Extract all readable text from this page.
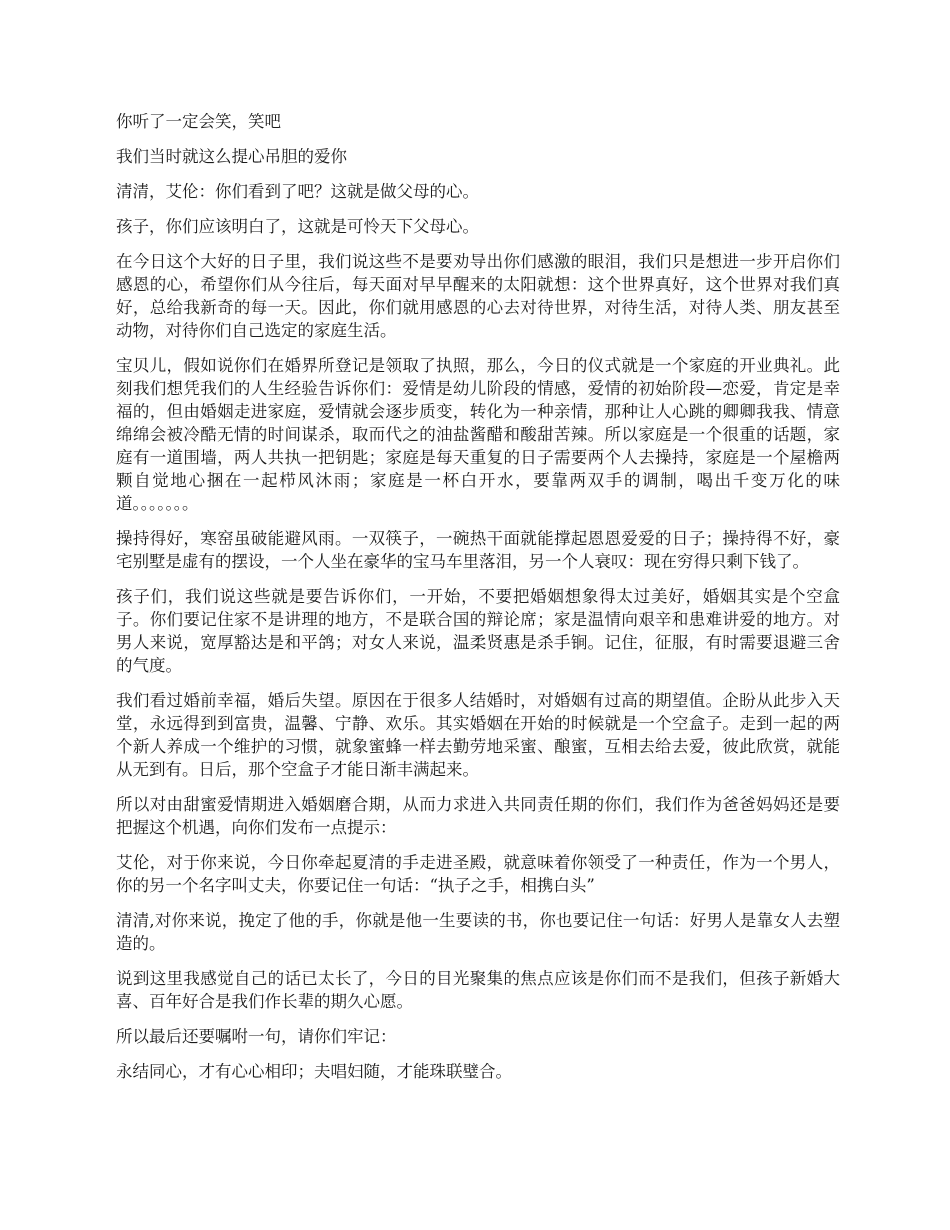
你听了一定会笑，笑吧

我们当时就这么提心吊胆的爱你

清清，艾伦：你们看到了吧？这就是做父母的心。

孩子，你们应该明白了，这就是可怜天下父母心。

在今日这个大好的日子里，我们说这些不是要劝导出你们感激的眼泪，我们只是想进一步开启你们感恩的心，希望你们从今往后，每天面对早早醒来的太阳就想：这个世界真好，这个世界对我们真好，总给我新奇的每一天。因此，你们就用感恩的心去对待世界，对待生活，对待人类、朋友甚至动物，对待你们自己选定的家庭生活。

宝贝儿，假如说你们在婚界所登记是领取了执照，那么，今日的仪式就是一个家庭的开业典礼。此刻我们想凭我们的人生经验告诉你们：爱情是幼儿阶段的情感，爱情的初始阶段—恋爱，肯定是幸福的，但由婚姻走进家庭，爱情就会逐步质变，转化为一种亲情，那种让人心跳的卿卿我我、情意绵绵会被冷酷无情的时间谋杀，取而代之的油盐酱醋和酸甜苦辣。所以家庭是一个很重的话题，家庭有一道围墙，两人共执一把钥匙；家庭是每天重复的日子需要两个人去操持，家庭是一个屋檐两颗自觉地心捆在一起栉风沐雨；家庭是一杯白开水，要靠两双手的调制，喝出千变万化的味道。。。。。。。

操持得好，寒窑虽破能避风雨。一双筷子，一碗热干面就能撑起恩恩爱爱的日子；操持得不好，豪宅别墅是虚有的摆设，一个人坐在豪华的宝马车里落泪，另一个人衰叹：现在穷得只剩下钱了。

孩子们，我们说这些就是要告诉你们，一开始，不要把婚姻想象得太过美好，婚姻其实是个空盒子。你们要记住家不是讲理的地方，不是联合国的辩论席；家是温情向艰辛和患难讲爱的地方。对男人来说，宽厚豁达是和平鸽；对女人来说，温柔贤惠是杀手锏。记住，征服，有时需要退避三舍的气度。

我们看过婚前幸福，婚后失望。原因在于很多人结婚时，对婚姻有过高的期望值。企盼从此步入天堂，永远得到到富贵，温馨、宁静、欢乐。其实婚姻在开始的时候就是一个空盒子。走到一起的两个新人养成一个维护的习惯，就象蜜蜂一样去勤劳地采蜜、酿蜜，互相去给去爱，彼此欣赏，就能从无到有。日后，那个空盒子才能日渐丰满起来。

所以对由甜蜜爱情期进入婚姻磨合期，从而力求进入共同责任期的你们，我们作为爸爸妈妈还是要把握这个机遇，向你们发布一点提示：

艾伦，对于你来说，今日你牵起夏清的手走进圣殿，就意味着你领受了一种责任，作为一个男人，你的另一个名字叫丈夫，你要记住一句话：“执子之手，相携白头”

清清,对你来说，挽定了他的手，你就是他一生要读的书，你也要记住一句话：好男人是靠女人去塑造的。

说到这里我感觉自己的话已太长了，今日的目光聚集的焦点应该是你们而不是我们，但孩子新婚大喜、百年好合是我们作长辈的期久心愿。

所以最后还要嘱咐一句，请你们牢记：

永结同心，才有心心相印；夫唱妇随，才能珠联璧合。
